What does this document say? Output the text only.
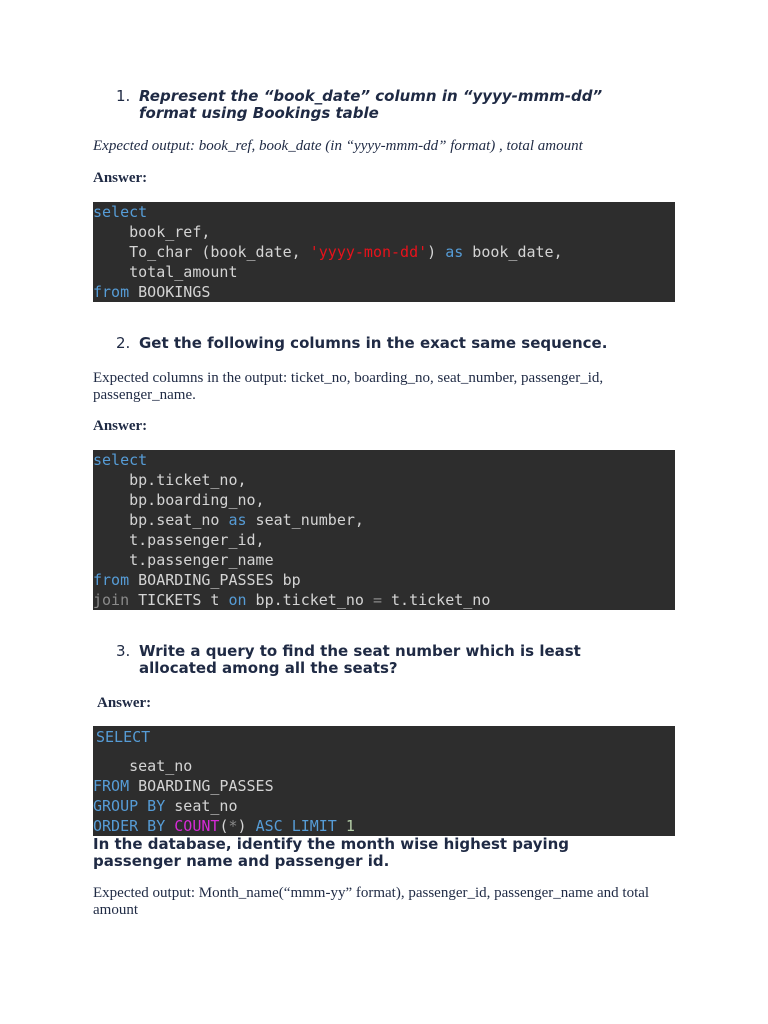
1. Represent the “book_date” column in “yyyy-mmm-dd” format using Bookings table
Expected output: book_ref, book_date (in “yyyy-mmm-dd” format) , total amount
Answer:
select
book_ref,
To_char (book_date, 'yyyy-mon-dd') as book_date,
total_amount
from BOOKINGS
2. Get the following columns in the exact same sequence.
Expected columns in the output: ticket_no, boarding_no, seat_number, passenger_id, passenger_name.
Answer:
select
bp.ticket_no,
bp.boarding_no,
bp.seat_no as seat_number,
t.passenger_id,
t.passenger_name
from BOARDING_PASSES bp
join TICKETS t on bp.ticket_no = t.ticket_no
3. Write a query to find the seat number which is least allocated among all the seats?
Answer:
SELECT
seat_no
FROM BOARDING_PASSES
GROUP BY seat_no
ORDER BY COUNT(*) ASC LIMIT 1
In the database, identify the month wise highest paying passenger name and passenger id.
Expected output: Month_name(“mmm-yy” format), passenger_id, passenger_name and total amount
